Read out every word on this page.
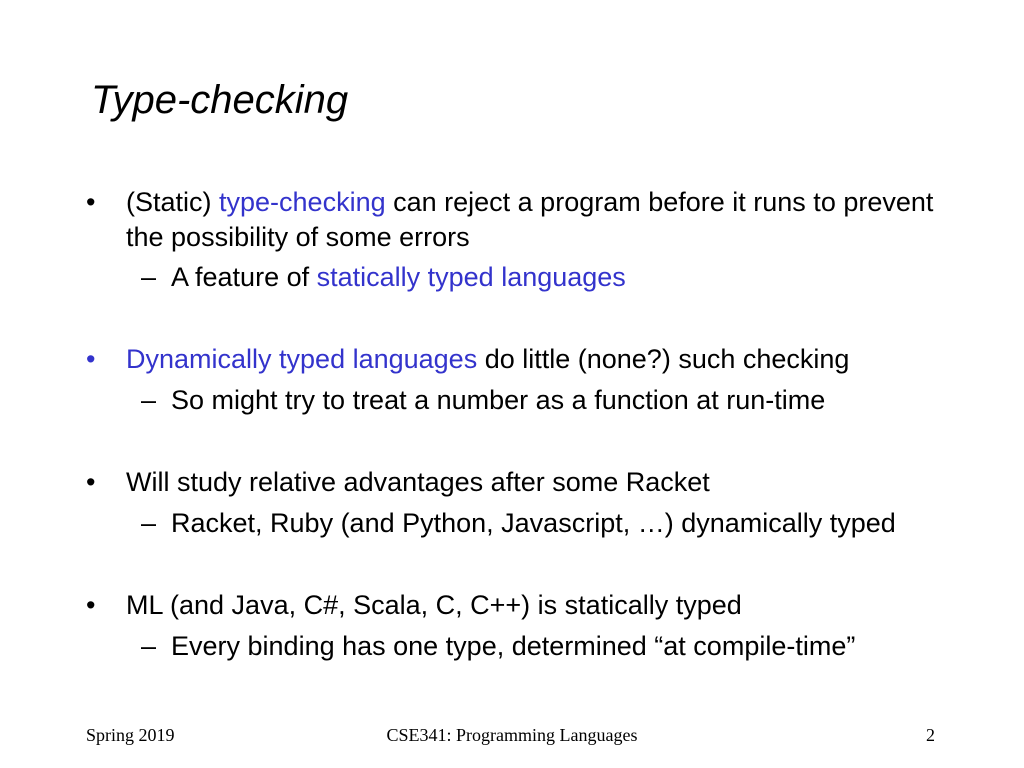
Type-checking
• (Static) type-checking can reject a program before it runs to prevent the possibility of some errors
– A feature of statically typed languages
• Dynamically typed languages do little (none?) such checking
– So might try to treat a number as a function at run-time
• Will study relative advantages after some Racket
– Racket, Ruby (and Python, Javascript, …) dynamically typed
• ML (and Java, C#, Scala, C, C++) is statically typed
– Every binding has one type, determined “at compile-time”
Spring 2019	CSE341: Programming Languages	2
